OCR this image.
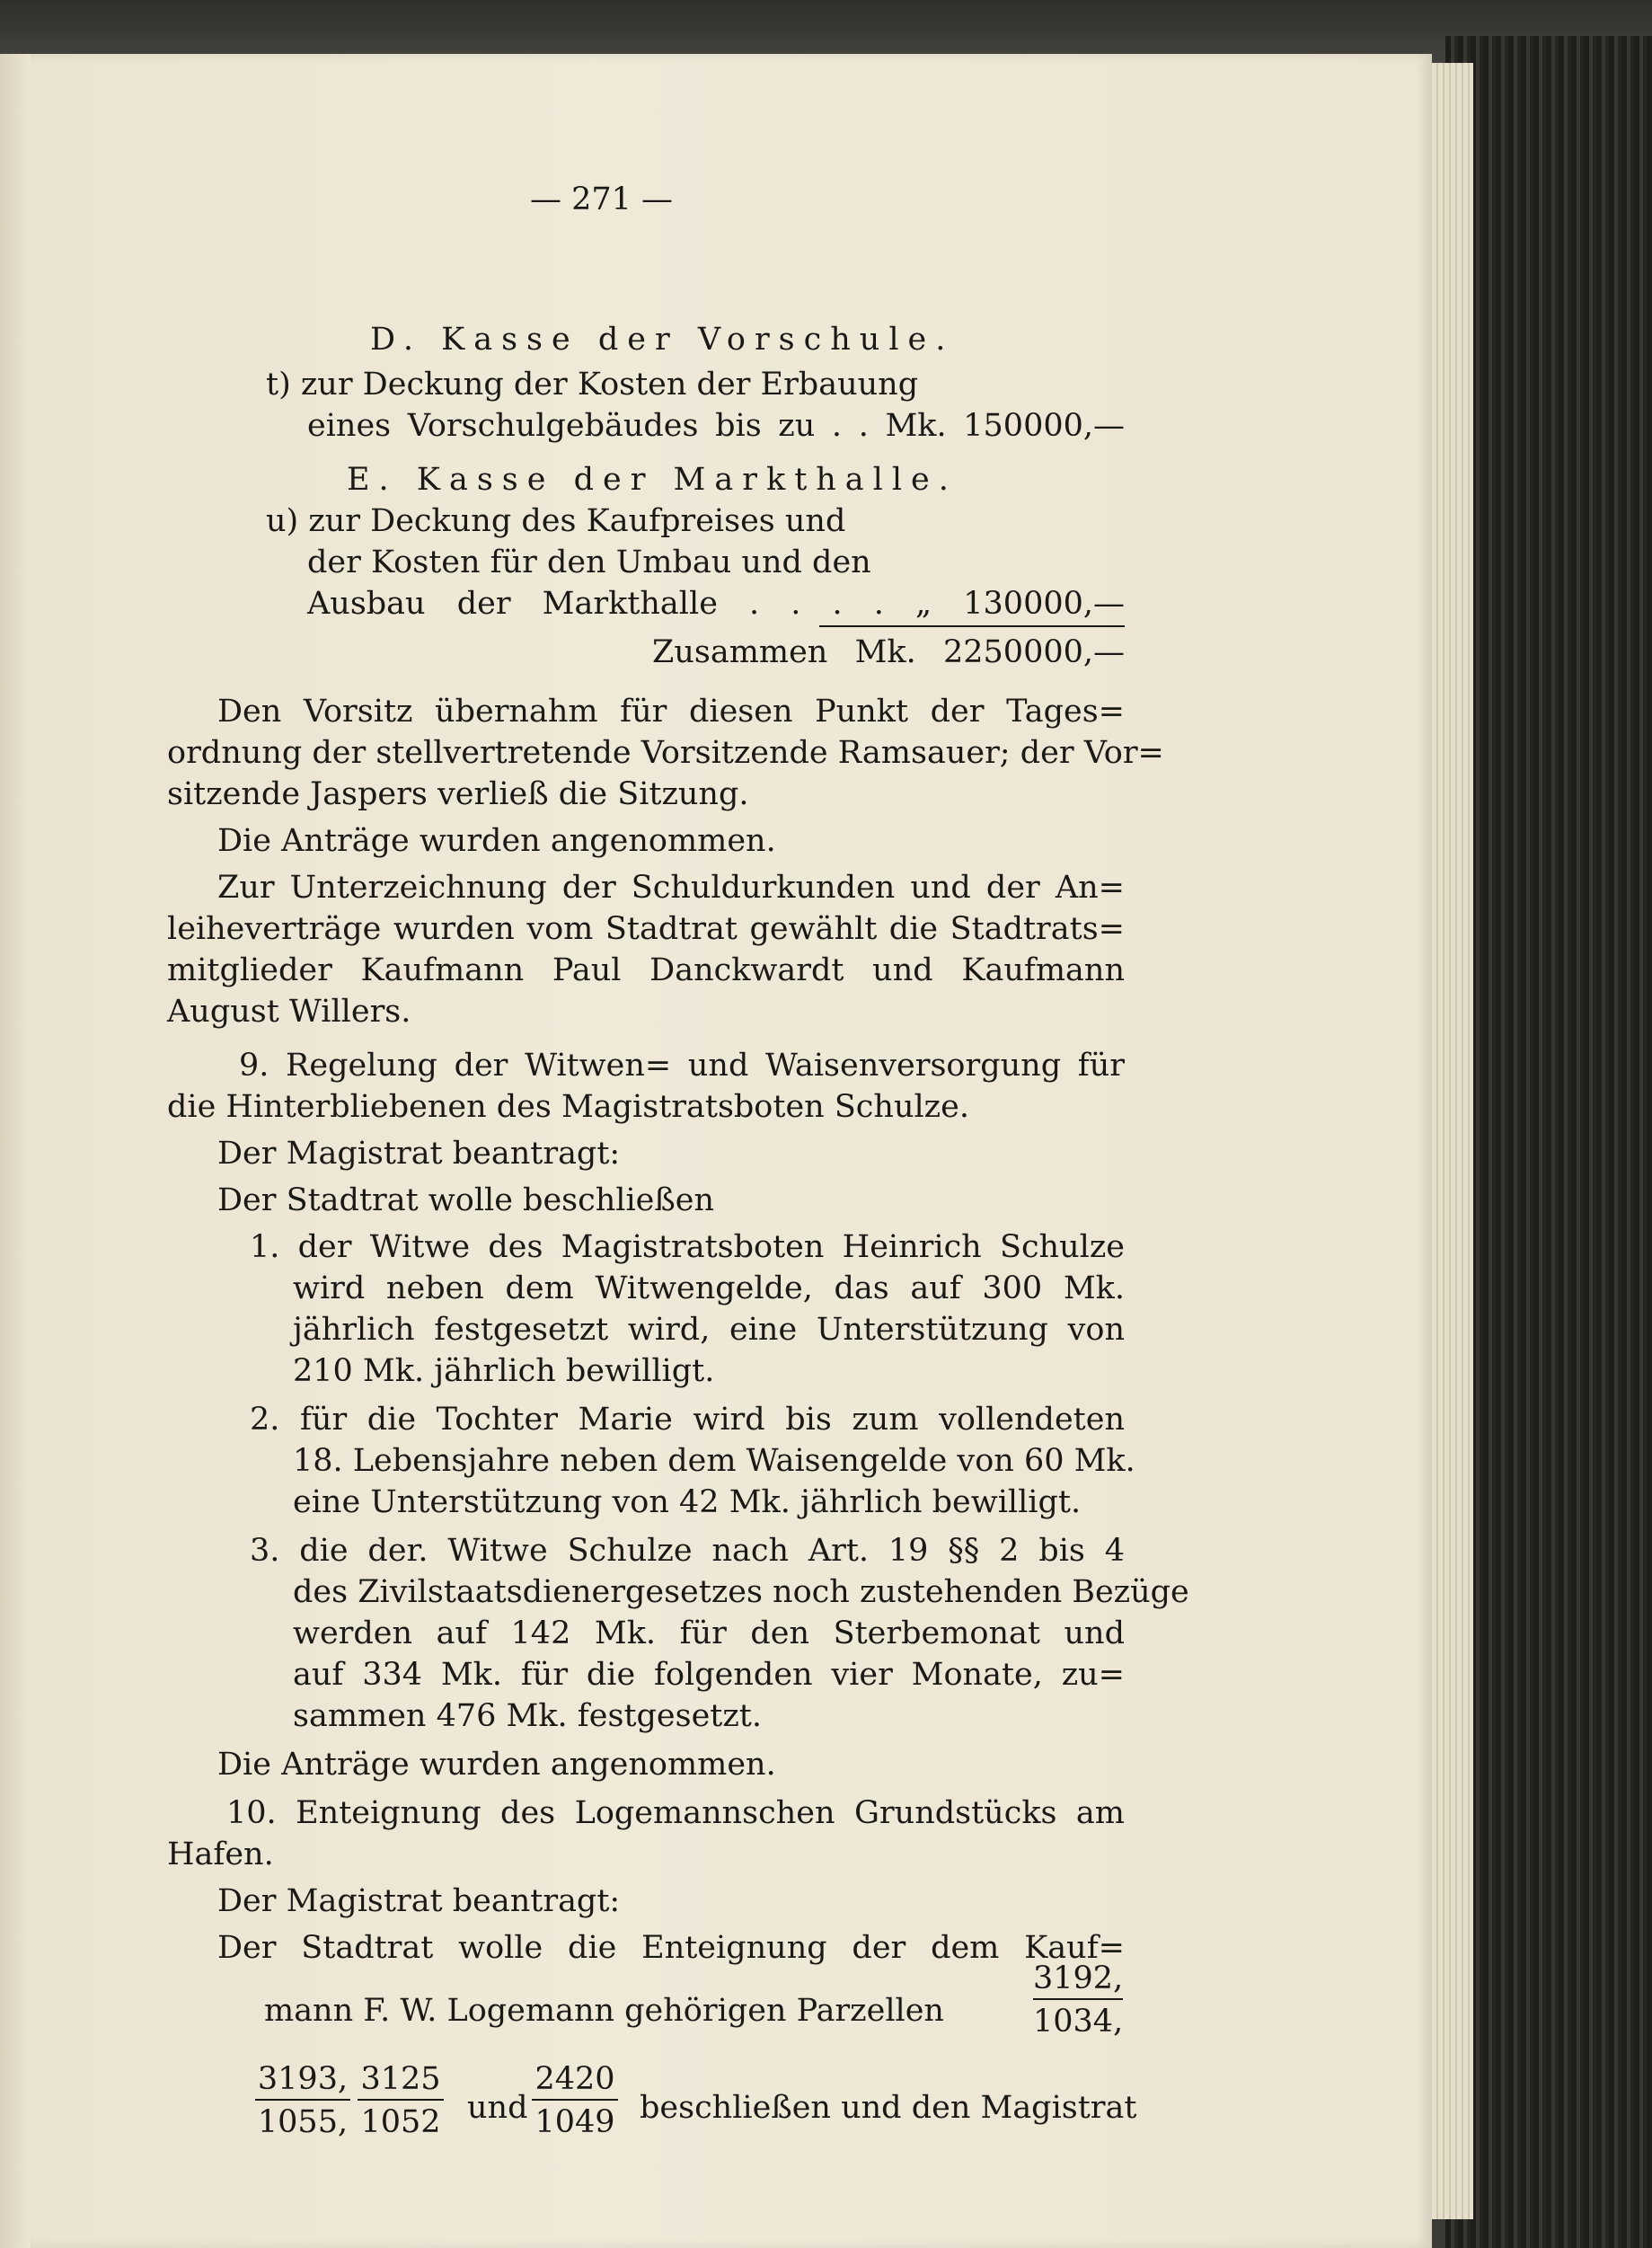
— 271 —
D. Kasse der Vorschule.
t) zur Deckung der Kosten der Erbauung
eines Vorschulgebäudes bis zu . . Mk. 150000,—
E. Kasse der Markthalle.
u) zur Deckung des Kaufpreises und
der Kosten für den Umbau und den
Ausbau der Markthalle . . . . „ 130000,—
Zusammen Mk. 2250000,—
Den Vorsitz übernahm für diesen Punkt der Tages=
ordnung der stellvertretende Vorsitzende Ramsauer; der Vor=
sitzende Jaspers verließ die Sitzung.
Die Anträge wurden angenommen.
Zur Unterzeichnung der Schuldurkunden und der An=
leiheverträge wurden vom Stadtrat gewählt die Stadtrats=
mitglieder Kaufmann Paul Danckwardt und Kaufmann
August Willers.
9. Regelung der Witwen= und Waisenversorgung für
die Hinterbliebenen des Magistratsboten Schulze.
Der Magistrat beantragt:
Der Stadtrat wolle beschließen
1. der Witwe des Magistratsboten Heinrich Schulze
wird neben dem Witwengelde, das auf 300 Mk.
jährlich festgesetzt wird, eine Unterstützung von
210 Mk. jährlich bewilligt.
2. für die Tochter Marie wird bis zum vollendeten
18. Lebensjahre neben dem Waisengelde von 60 Mk.
eine Unterstützung von 42 Mk. jährlich bewilligt.
3. die der. Witwe Schulze nach Art. 19 §§ 2 bis 4
des Zivilstaatsdienergesetzes noch zustehenden Bezüge
werden auf 142 Mk. für den Sterbemonat und
auf 334 Mk. für die folgenden vier Monate, zu=
sammen 476 Mk. festgesetzt.
Die Anträge wurden angenommen.
10. Enteignung des Logemannschen Grundstücks am
Hafen.
Der Magistrat beantragt:
Der Stadtrat wolle die Enteignung der dem Kauf=
mann F. W. Logemann gehörigen Parzellen	$\frac{3192,}{1034,}$
$\frac{3193,}{1055,} \frac{3125}{1052}$ und $\frac{2420}{1049}$ beschließen und den Magistrat
